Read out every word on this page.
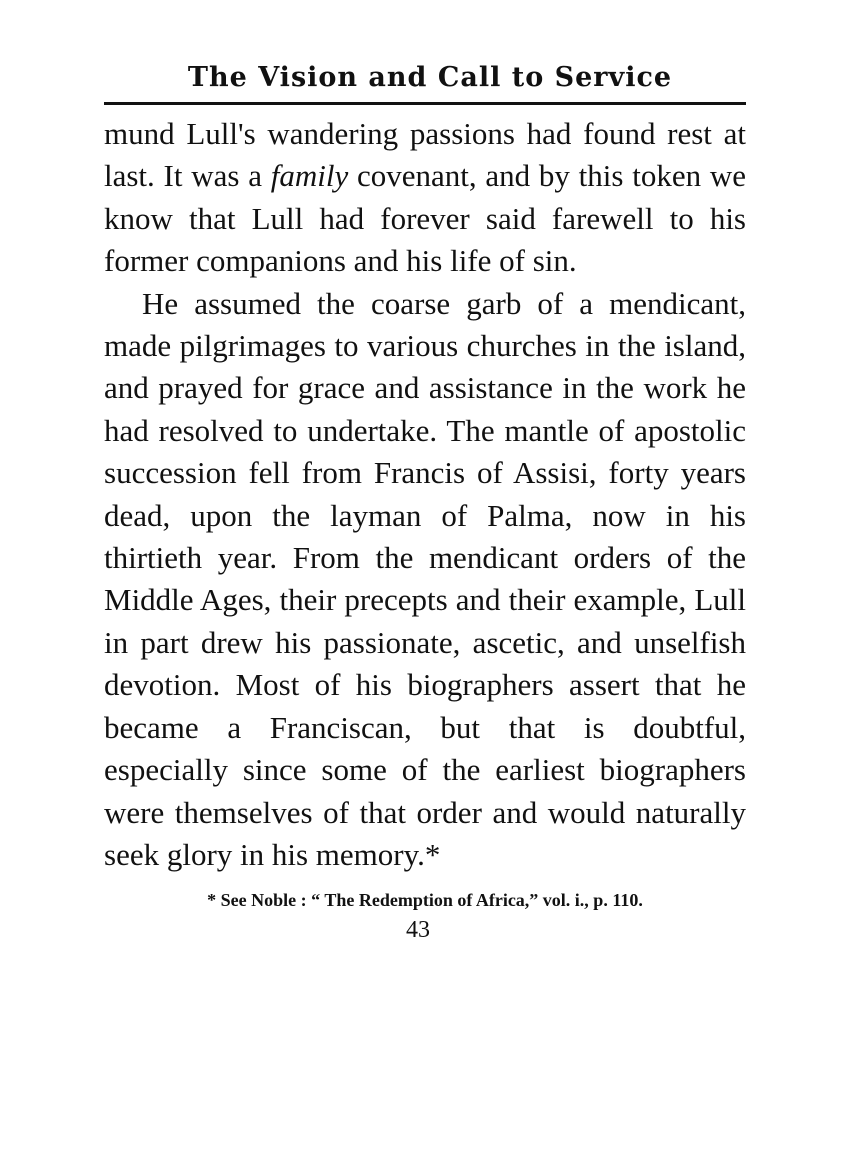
The Vision and Call to Service

mund Lull's wandering passions had found rest at last. It was a family covenant, and by this token we know that Lull had forever said farewell to his former companions and his life of sin.

He assumed the coarse garb of a mendicant, made pilgrimages to various churches in the island, and prayed for grace and assistance in the work he had resolved to undertake. The mantle of apostolic succession fell from Francis of Assisi, forty years dead, upon the layman of Palma, now in his thirtieth year. From the mendicant orders of the Middle Ages, their precepts and their example, Lull in part drew his passionate, ascetic, and unselfish devotion. Most of his biographers assert that he became a Franciscan, but that is doubtful, especially since some of the earliest biographers were themselves of that order and would naturally seek glory in his memory.*

* See Noble : “ The Redemption of Africa,” vol. i., p. 110.
43
